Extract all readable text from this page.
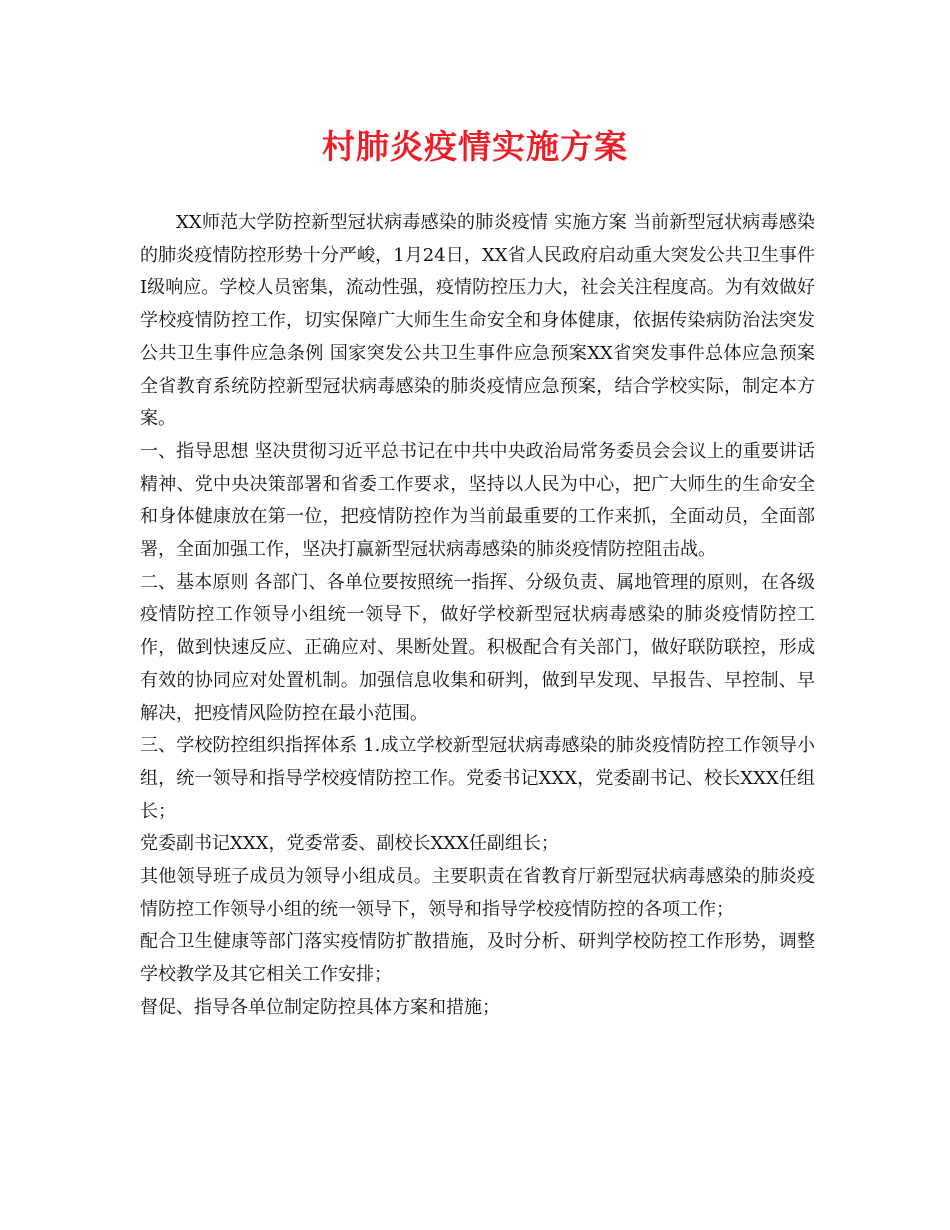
村肺炎疫情实施方案

XX师范大学防控新型冠状病毒感染的肺炎疫情 实施方案 当前新型冠状病毒感染的肺炎疫情防控形势十分严峻，1月24日，XX省人民政府启动重大突发公共卫生事件Ⅰ级响应。学校人员密集，流动性强，疫情防控压力大，社会关注程度高。为有效做好学校疫情防控工作，切实保障广大师生生命安全和身体健康，依据传染病防治法突发公共卫生事件应急条例 国家突发公共卫生事件应急预案XX省突发事件总体应急预案全省教育系统防控新型冠状病毒感染的肺炎疫情应急预案，结合学校实际，制定本方案。

一、指导思想 坚决贯彻习近平总书记在中共中央政治局常务委员会会议上的重要讲话精神、党中央决策部署和省委工作要求，坚持以人民为中心，把广大师生的生命安全和身体健康放在第一位，把疫情防控作为当前最重要的工作来抓，全面动员，全面部署，全面加强工作，坚决打赢新型冠状病毒感染的肺炎疫情防控阻击战。

二、基本原则 各部门、各单位要按照统一指挥、分级负责、属地管理的原则，在各级疫情防控工作领导小组统一领导下，做好学校新型冠状病毒感染的肺炎疫情防控工作，做到快速反应、正确应对、果断处置。积极配合有关部门，做好联防联控，形成有效的协同应对处置机制。加强信息收集和研判，做到早发现、早报告、早控制、早解决，把疫情风险防控在最小范围。

三、学校防控组织指挥体系 1.成立学校新型冠状病毒感染的肺炎疫情防控工作领导小组，统一领导和指导学校疫情防控工作。党委书记XXX，党委副书记、校长XXX任组长；

党委副书记XXX，党委常委、副校长XXX任副组长；

其他领导班子成员为领导小组成员。主要职责在省教育厅新型冠状病毒感染的肺炎疫情防控工作领导小组的统一领导下，领导和指导学校疫情防控的各项工作；

配合卫生健康等部门落实疫情防扩散措施，及时分析、研判学校防控工作形势，调整学校教学及其它相关工作安排；

督促、指导各单位制定防控具体方案和措施；
